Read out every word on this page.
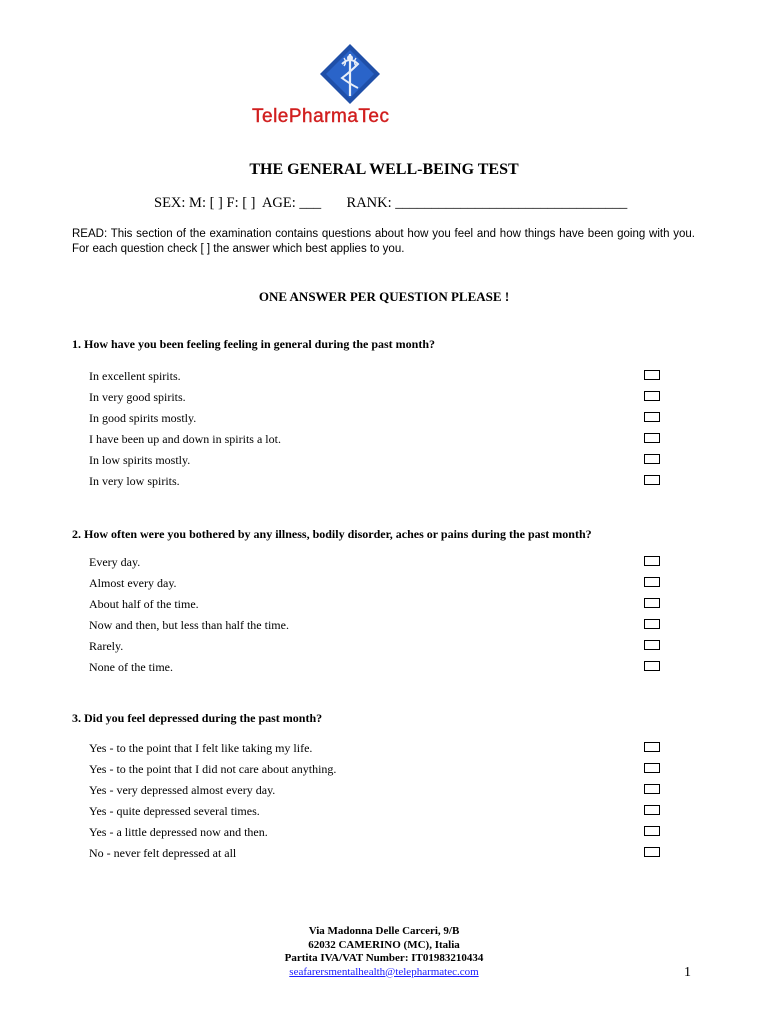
TelePharmaTec
THE GENERAL WELL-BEING TEST
SEX: M: [ ] F: [ ]  AGE: ___       RANK: ________________________________
READ: This section of the examination contains questions about how you feel and how things have been going with you. For each question check [ ] the answer which best applies to you.
ONE ANSWER PER QUESTION PLEASE !
1. How have you been feeling feeling in general during the past month?
In excellent spirits.
In very good spirits.
In good spirits mostly.
I have been up and down in spirits a lot.
In low spirits mostly.
In very low spirits.
2. How often were you bothered by any illness, bodily disorder, aches or pains during the past month?
Every day.
Almost every day.
About half of the time.
Now and then, but less than half the time.
Rarely.
None of the time.
3. Did you feel depressed during the past month?
Yes - to the point that I felt like taking my life.
Yes - to the point that I did not care about anything.
Yes - very depressed almost every day.
Yes - quite depressed several times.
Yes - a little depressed now and then.
No - never felt depressed at all
Via Madonna Delle Carceri, 9/B
62032 CAMERINO (MC), Italia
Partita IVA/VAT Number: IT01983210434
seafarersmentalhealth@telepharmatec.com	1
